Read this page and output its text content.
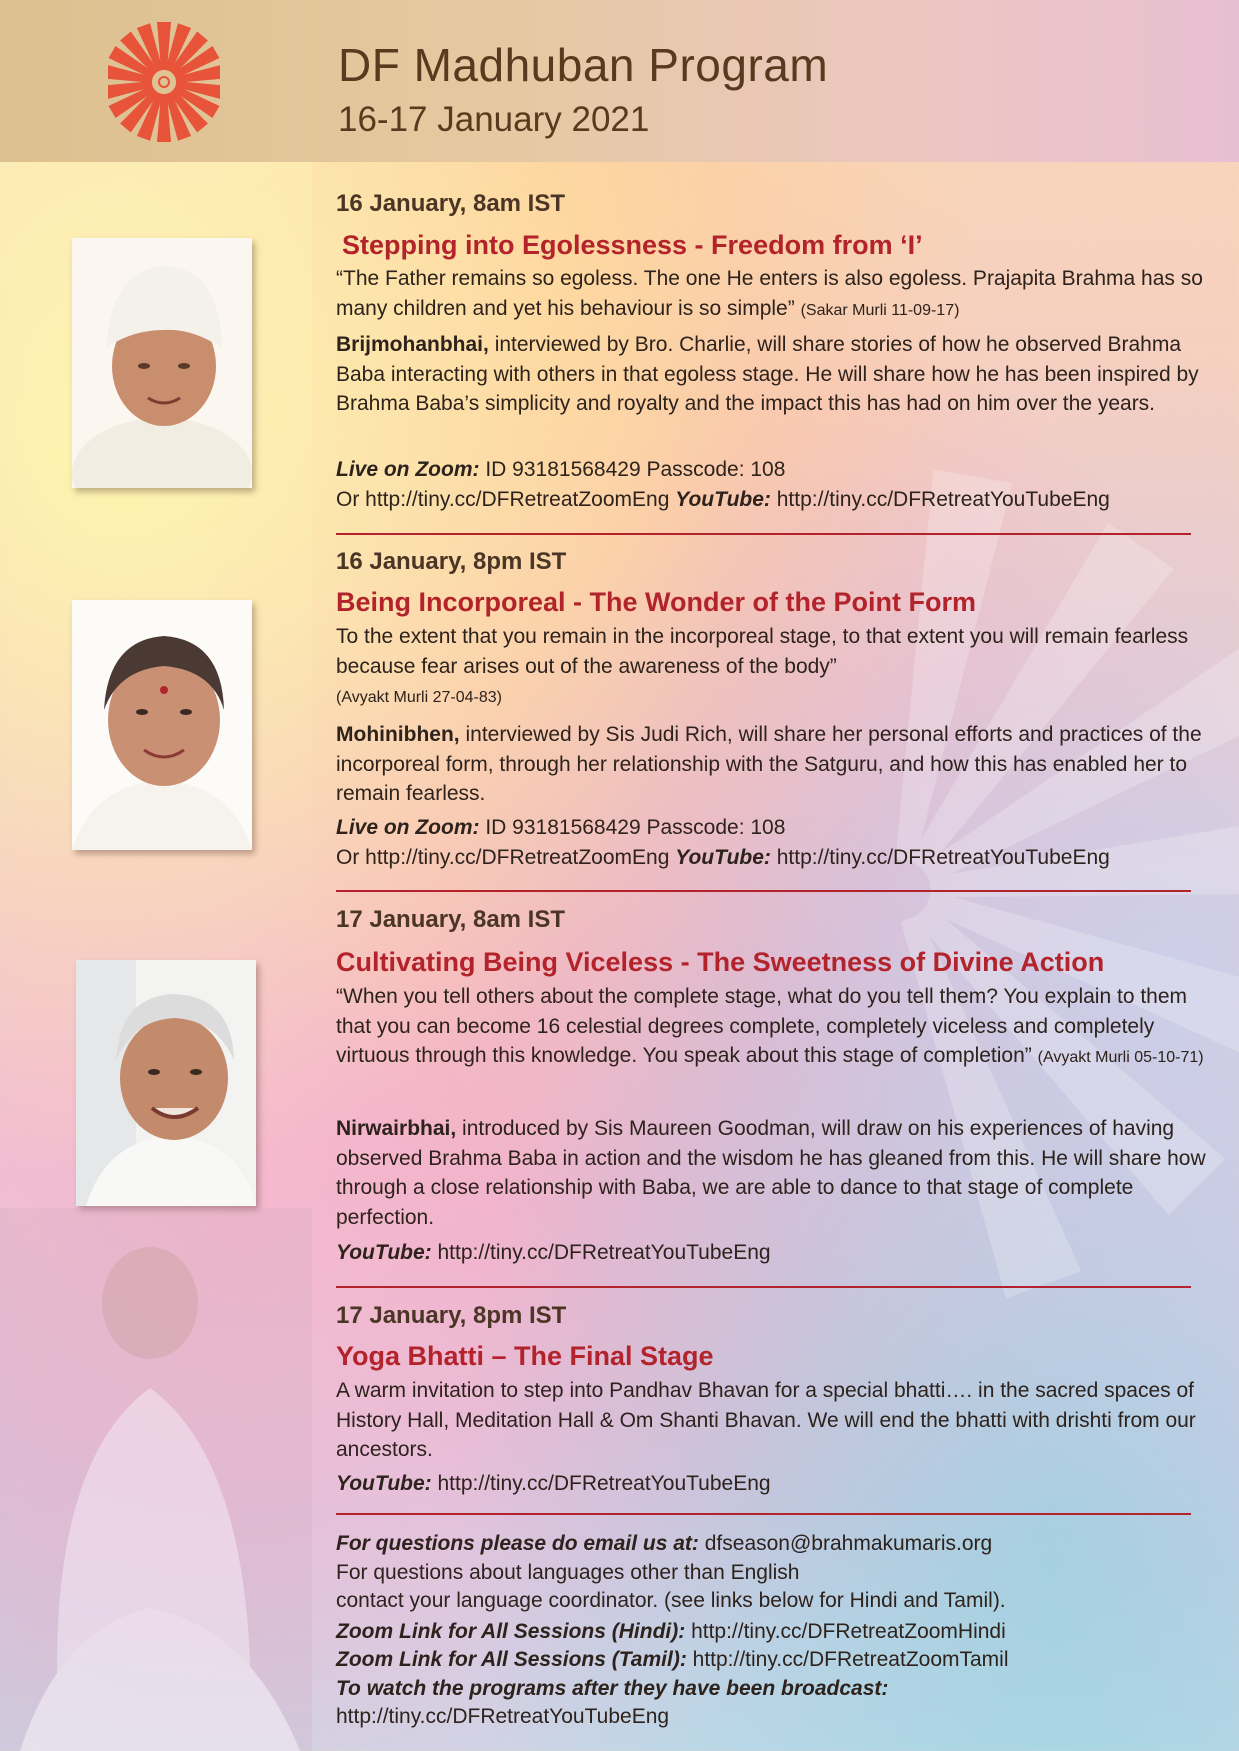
DF Madhuban Program
16-17 January 2021
16 January, 8am IST
Stepping into Egolessness - Freedom from ‘I’
“The Father remains so egoless. The one He enters is also egoless. Prajapita Brahma has so many children and yet his behaviour is so simple” (Sakar Murli 11-09-17)
Brijmohanbhai, interviewed by Bro. Charlie, will share stories of how he observed Brahma Baba interacting with others in that egoless stage. He will share how he has been inspired by Brahma Baba’s simplicity and royalty and the impact this has had on him over the years.
Live on Zoom: ID 93181568429 Passcode: 108
Or http://tiny.cc/DFRetreatZoomEng YouTube: http://tiny.cc/DFRetreatYouTubeEng
16 January, 8pm IST
Being Incorporeal - The Wonder of the Point Form
To the extent that you remain in the incorporeal stage, to that extent you will remain fearless because fear arises out of the awareness of the body”
(Avyakt Murli 27-04-83)
Mohinibhen, interviewed by Sis Judi Rich, will share her personal efforts and practices of the incorporeal form, through her relationship with the Satguru, and how this has enabled her to remain fearless.
Live on Zoom: ID 93181568429 Passcode: 108
Or http://tiny.cc/DFRetreatZoomEng YouTube: http://tiny.cc/DFRetreatYouTubeEng
17 January, 8am IST
Cultivating Being Viceless - The Sweetness of Divine Action
“When you tell others about the complete stage, what do you tell them? You explain to them that you can become 16 celestial degrees complete, completely viceless and completely virtuous through this knowledge. You speak about this stage of completion” (Avyakt Murli 05-10-71)
Nirwairbhai, introduced by Sis Maureen Goodman, will draw on his experiences of having observed Brahma Baba in action and the wisdom he has gleaned from this. He will share how through a close relationship with Baba, we are able to dance to that stage of complete perfection.
YouTube: http://tiny.cc/DFRetreatYouTubeEng
17 January, 8pm IST
Yoga Bhatti – The Final Stage
A warm invitation to step into Pandhav Bhavan for a special bhatti…. in the sacred spaces of History Hall, Meditation Hall & Om Shanti Bhavan. We will end the bhatti with drishti from our ancestors.
YouTube: http://tiny.cc/DFRetreatYouTubeEng
For questions please do email us at: dfseason@brahmakumaris.org
For questions about languages other than English
contact your language coordinator. (see links below for Hindi and Tamil).
Zoom Link for All Sessions (Hindi): http://tiny.cc/DFRetreatZoomHindi
Zoom Link for All Sessions (Tamil): http://tiny.cc/DFRetreatZoomTamil
To watch the programs after they have been broadcast:
http://tiny.cc/DFRetreatYouTubeEng
